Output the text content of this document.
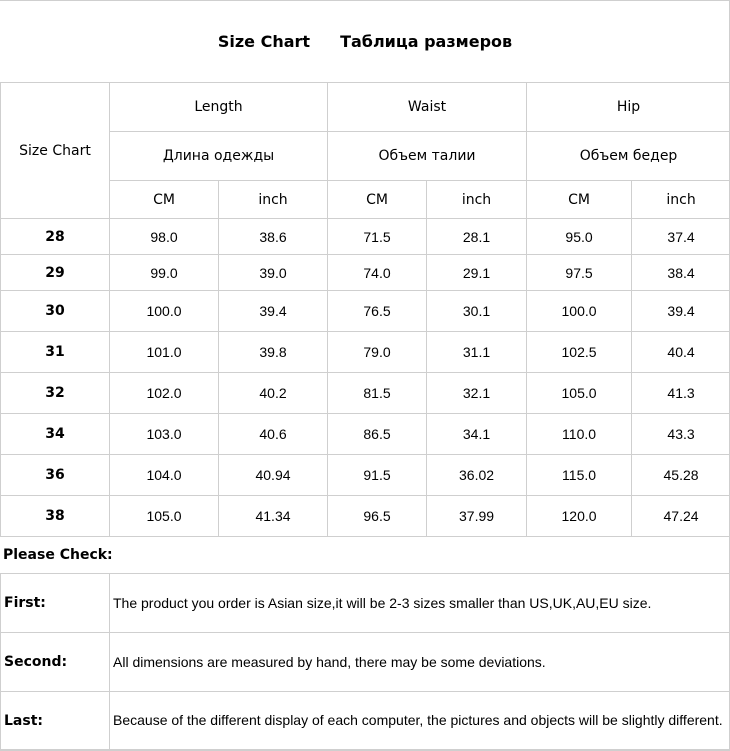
Size Chart Таблица размеров
Size Chart	Length		Waist		Hip	
	Длина одежды		Объем талии		Объем бедер	
	CM	inch	CM	inch	CM	inch
28	98.0	38.6	71.5	28.1	95.0	37.4
29	99.0	39.0	74.0	29.1	97.5	38.4
30	100.0	39.4	76.5	30.1	100.0	39.4
31	101.0	39.8	79.0	31.1	102.5	40.4
32	102.0	40.2	81.5	32.1	105.0	41.3
34	103.0	40.6	86.5	34.1	110.0	43.3
36	104.0	40.94	91.5	36.02	115.0	45.28
38	105.0	41.34	96.5	37.99	120.0	47.24
Please Check:
First:	The product you order is Asian size,it will be 2-3 sizes smaller than US,UK,AU,EU size.
Second:	All dimensions are measured by hand, there may be some deviations.
Last:	Because of the different display of each computer, the pictures and objects will be slightly different.
